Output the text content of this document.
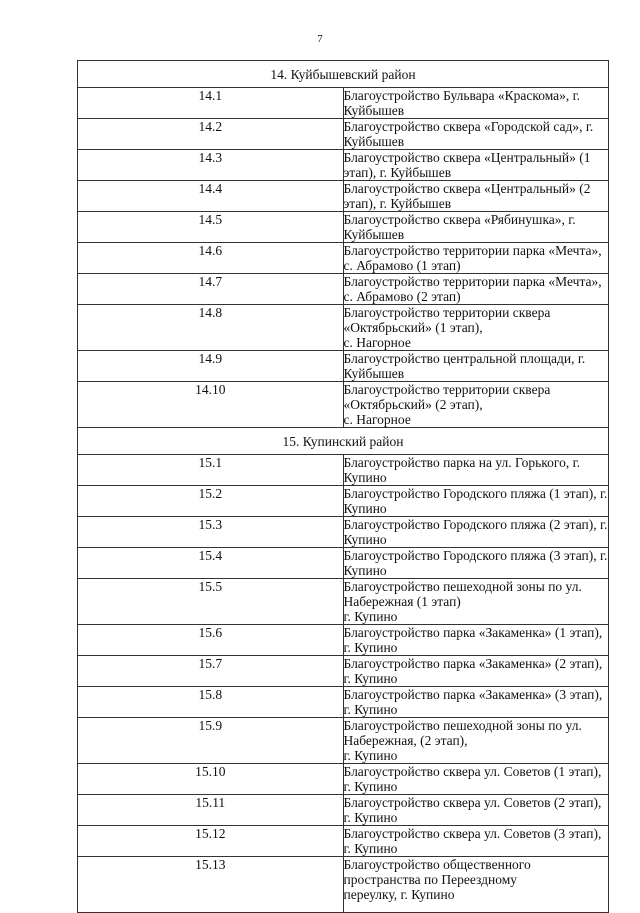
7
14. Куйбышевский район	
14.1	Благоустройство Бульвара «Краскома», г. Куйбышев
14.2	Благоустройство сквера «Городской сад», г. Куйбышев
14.3	Благоустройство сквера «Центральный» (1 этап), г. Куйбышев
14.4	Благоустройство сквера «Центральный» (2 этап), г. Куйбышев
14.5	Благоустройство сквера «Рябинушка», г. Куйбышев
14.6	Благоустройство территории парка «Мечта», с. Абрамово (1 этап)
14.7	Благоустройство территории парка «Мечта», с. Абрамово (2 этап)
14.8	Благоустройство территории сквера «Октябрьский» (1 этап),
с. Нагорное

14.9	Благоустройство центральной площади, г. Куйбышев
14.10	Благоустройство территории сквера «Октябрьский» (2 этап),
с. Нагорное

15. Купинский район	
15.1	Благоустройство парка на ул. Горького, г. Купино
15.2	Благоустройство Городского пляжа (1 этап), г. Купино
15.3	Благоустройство Городского пляжа (2 этап), г. Купино
15.4	Благоустройство Городского пляжа (3 этап), г. Купино
15.5	Благоустройство пешеходной зоны по ул. Набережная (1 этап)
г. Купино

15.6	Благоустройство парка «Закаменка» (1 этап), г. Купино
15.7	Благоустройство парка «Закаменка» (2 этап), г. Купино
15.8	Благоустройство парка «Закаменка» (3 этап), г. Купино
15.9	Благоустройство пешеходной зоны по ул. Набережная, (2 этап),
г. Купино

15.10	Благоустройство сквера ул. Советов (1 этап), г. Купино
15.11	Благоустройство сквера ул. Советов (2 этап), г. Купино
15.12	Благоустройство сквера ул. Советов (3 этап), г. Купино
15.13	Благоустройство общественного пространства по Переездному
переулку, г. Купино
